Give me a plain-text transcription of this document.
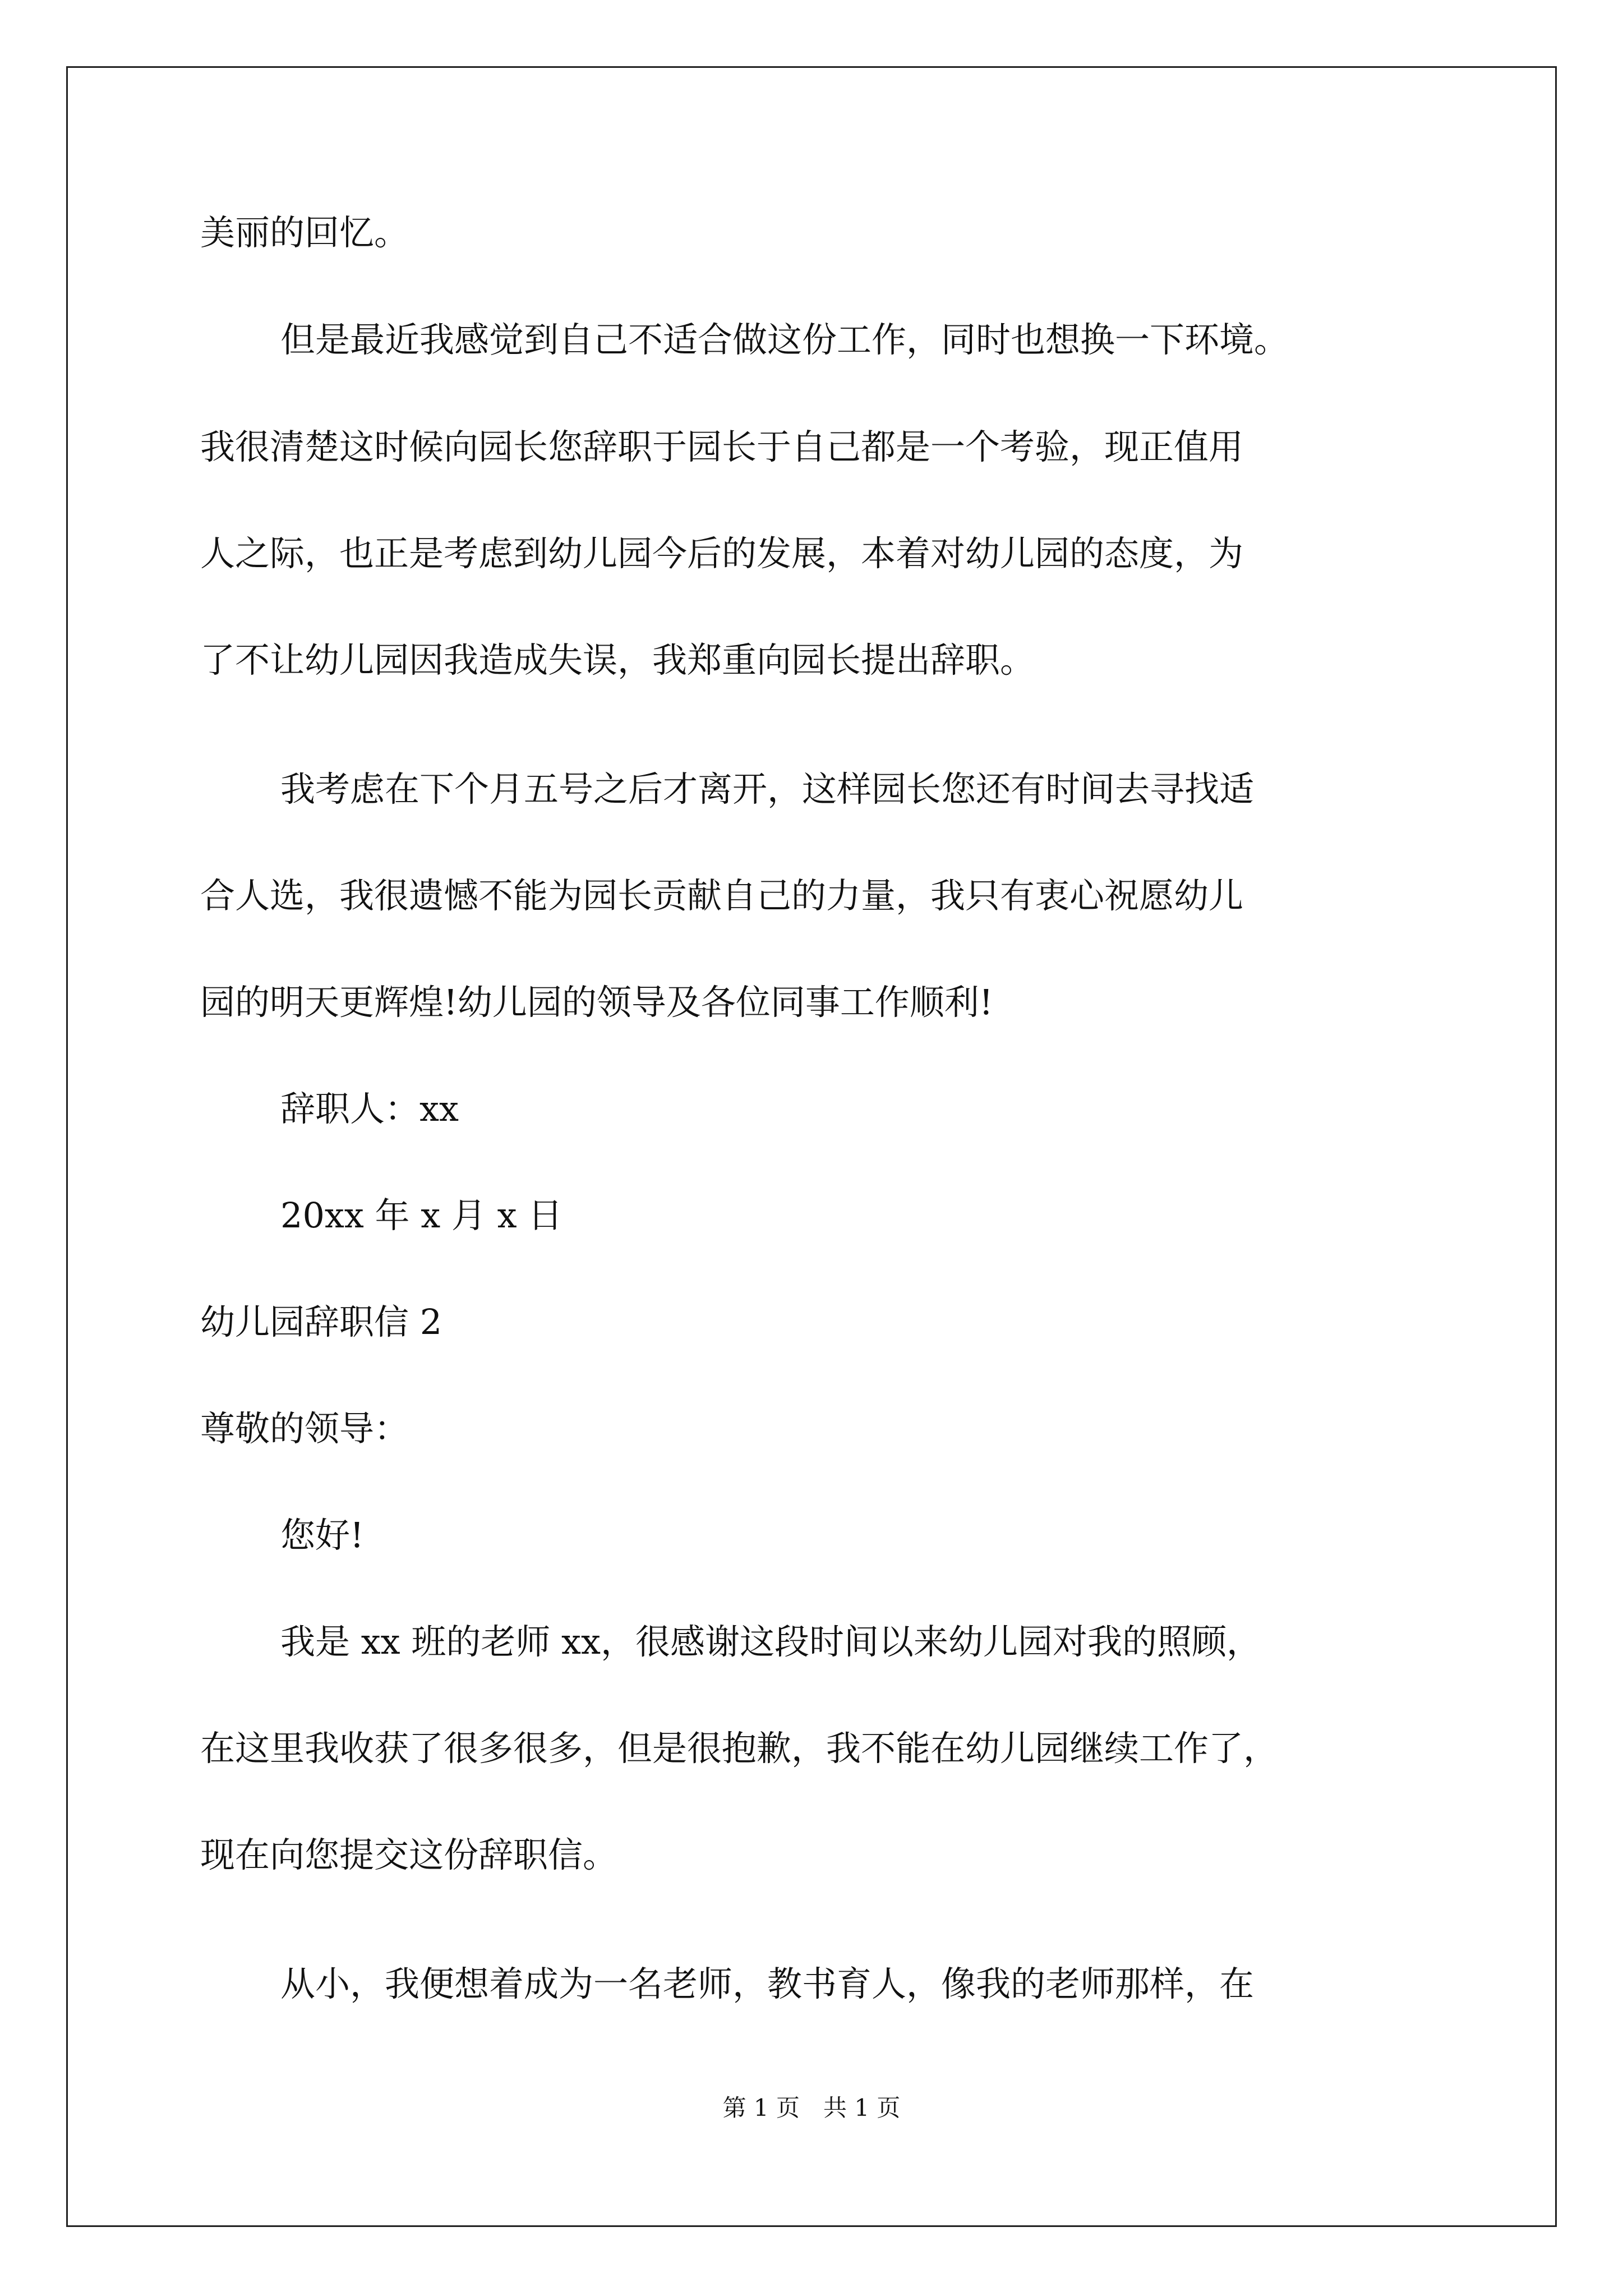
美丽的回忆。
但是最近我感觉到自己不适合做这份工作，同时也想换一下环境。
我很清楚这时候向园长您辞职于园长于自己都是一个考验，现正值用
人之际，也正是考虑到幼儿园今后的发展，本着对幼儿园的态度，为
了不让幼儿园因我造成失误，我郑重向园长提出辞职。
我考虑在下个月五号之后才离开，这样园长您还有时间去寻找适
合人选，我很遗憾不能为园长贡献自己的力量，我只有衷心祝愿幼儿
园的明天更辉煌!幼儿园的领导及各位同事工作顺利!
辞职人：xx
20xx 年 x 月 x 日
幼儿园辞职信 2
尊敬的领导：
您好!
我是 xx 班的老师 xx，很感谢这段时间以来幼儿园对我的照顾，
在这里我收获了很多很多，但是很抱歉，我不能在幼儿园继续工作了，
现在向您提交这份辞职信。
从小，我便想着成为一名老师，教书育人，像我的老师那样，在
第 1 页　共 1 页
